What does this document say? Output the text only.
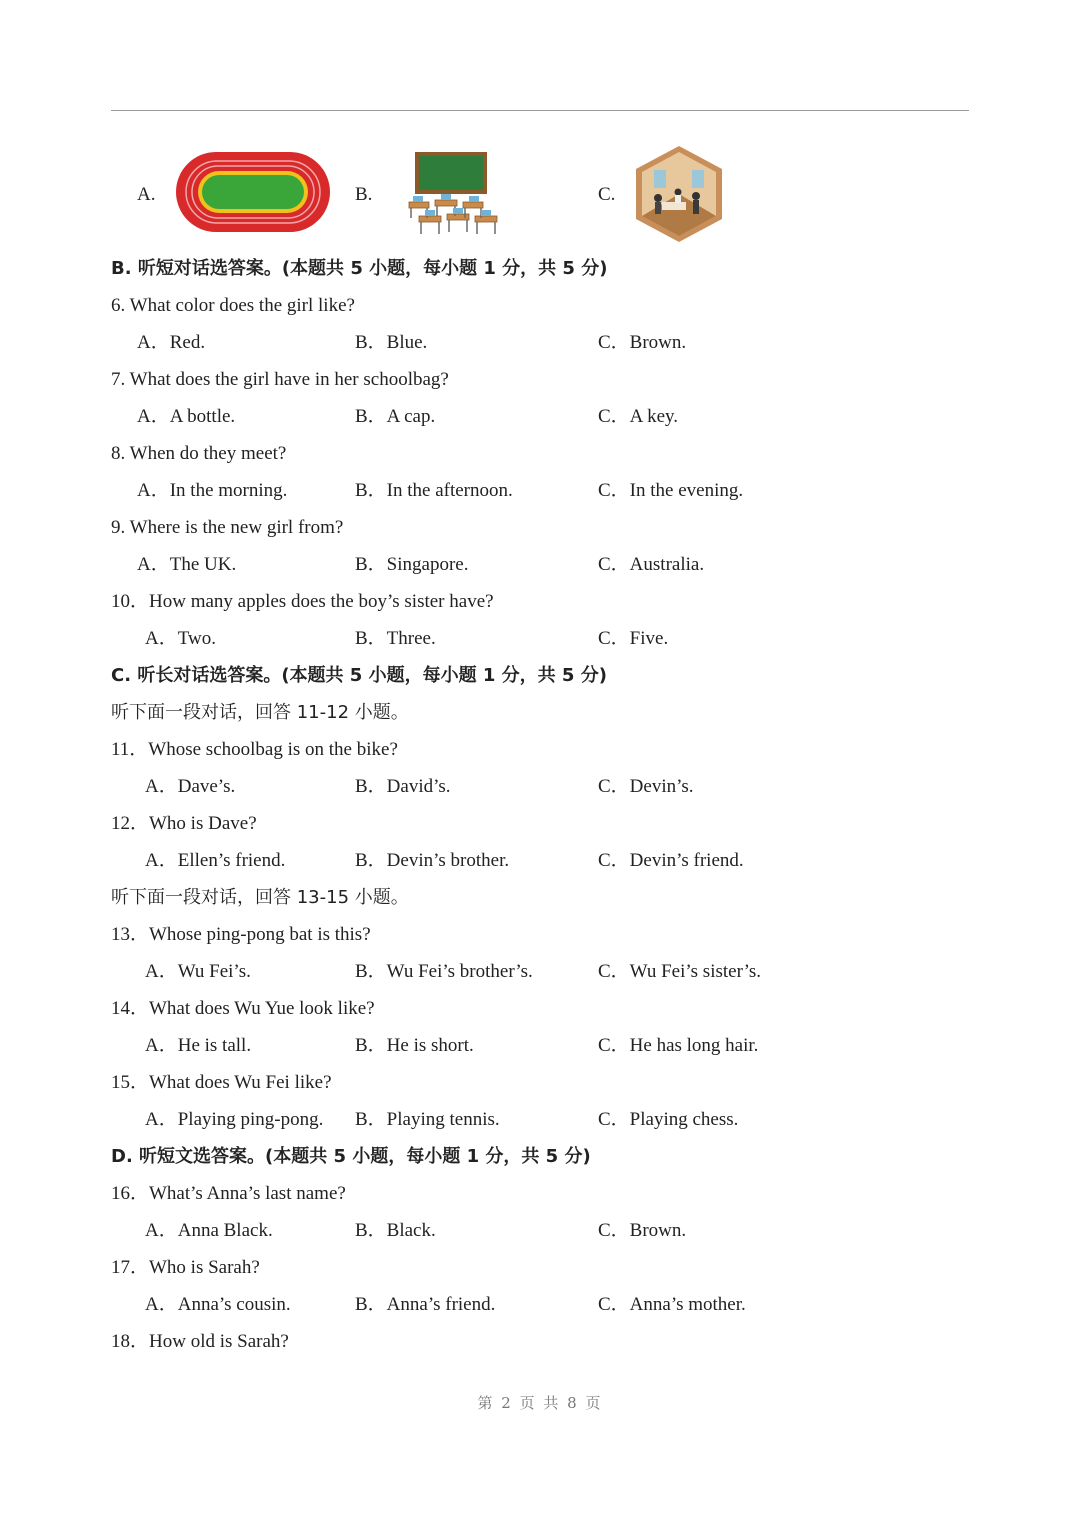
A.	B.	C.
B. 听短对话选答案。(本题共 5 小题，每小题 1 分，共 5 分)
6. What color does the girl like?
A．Red.	B．Blue.	C．Brown.
7. What does the girl have in her schoolbag?
A．A bottle.	B．A cap.	C．A key.
8. When do they meet?
A．In the morning.	B．In the afternoon.	C．In the evening.
9. Where is the new girl from?
A．The UK.	B．Singapore.	C．Australia.
10．How many apples does the boy’s sister have?
A．Two.	B．Three.	C．Five.
C. 听长对话选答案。(本题共 5 小题，每小题 1 分，共 5 分)
听下面一段对话，回答 11-12 小题。
11．Whose schoolbag is on the bike?
A．Dave’s.	B．David’s.	C．Devin’s.
12．Who is Dave?
A．Ellen’s friend.	B．Devin’s brother.	C．Devin’s friend.
听下面一段对话，回答 13-15 小题。
13．Whose ping-pong bat is this?
A．Wu Fei’s.	B．Wu Fei’s brother’s.	C．Wu Fei’s sister’s.
14．What does Wu Yue look like?
A．He is tall.	B．He is short.	C．He has long hair.
15．What does Wu Fei like?
A．Playing ping-pong. B．Playing tennis.	C．Playing chess.
D. 听短文选答案。(本题共 5 小题，每小题 1 分，共 5 分)
16．What’s Anna’s last name?
A．Anna Black.	B．Black.	C．Brown.
17．Who is Sarah?
A．Anna’s cousin.	B．Anna’s friend.	C．Anna’s mother.
18．How old is Sarah?
第 2 页 共 8 页
